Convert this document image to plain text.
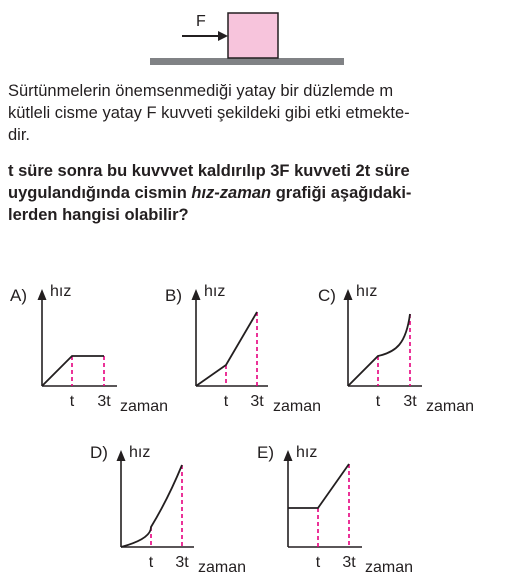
F

Sürtünmelerin önemsenmediği yatay bir düzlemde m

kütleli cisme yatay F kuvveti şekildeki gibi etki etmekte-

dir.

t süre sonra bu kuvvvet kaldırılıp 3F kuvveti 2t süre
uygulandığında cismin hız-zaman grafiği aşağıdaki-
lerden hangisi olabilir?
A) hız
t 3t zaman
B) hız
t 3t zaman
C) hız
t 3t zaman
D) hız
t 3t zaman
E) hız
t 3t zaman
